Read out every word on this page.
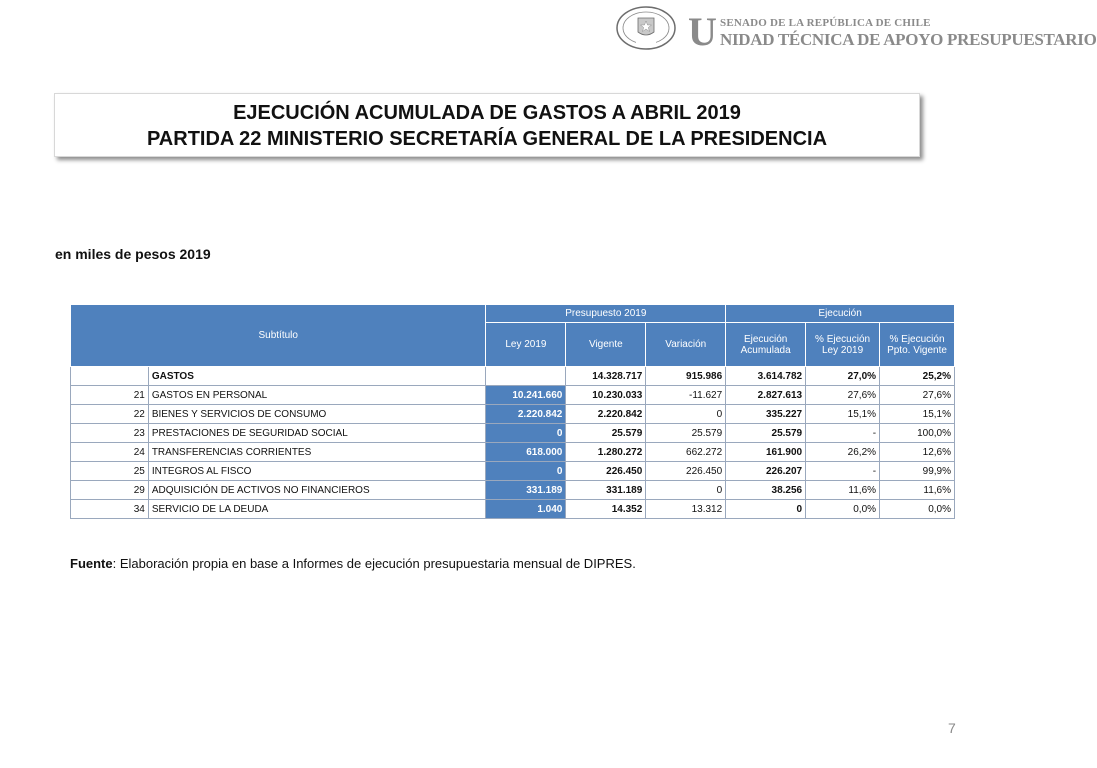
U SENADO DE LA REPÚBLICA DE CHILE
NIDAD TÉCNICA DE APOYO PRESUPUESTARIO
EJECUCIÓN ACUMULADA DE GASTOS A ABRIL 2019
PARTIDA 22 MINISTERIO SECRETARÍA GENERAL DE LA PRESIDENCIA
en miles de pesos 2019
Subtítulo		Presupuesto 2019			Ejecución		
		Ley 2019	Vigente	Variación	Ejecución Acumulada	% Ejecución Ley 2019	% Ejecución Ppto. Vigente
	GASTOS	13.412.731	14.328.717	915.986	3.614.782	27,0%	25,2%
21	GASTOS EN PERSONAL	10.241.660	10.230.033	-11.627	2.827.613	27,6%	27,6%
22	BIENES Y SERVICIOS DE CONSUMO	2.220.842	2.220.842	0	335.227	15,1%	15,1%
23	PRESTACIONES DE SEGURIDAD SOCIAL	0	25.579	25.579	25.579	-	100,0%
24	TRANSFERENCIAS CORRIENTES	618.000	1.280.272	662.272	161.900	26,2%	12,6%
25	INTEGROS AL FISCO	0	226.450	226.450	226.207	-	99,9%
29	ADQUISICIÓN DE ACTIVOS NO FINANCIEROS	331.189	331.189	0	38.256	11,6%	11,6%
34	SERVICIO DE LA DEUDA	1.040	14.352	13.312	0	0,0%	0,0%
Fuente: Elaboración propia en base a Informes de ejecución presupuestaria mensual de DIPRES.
7
